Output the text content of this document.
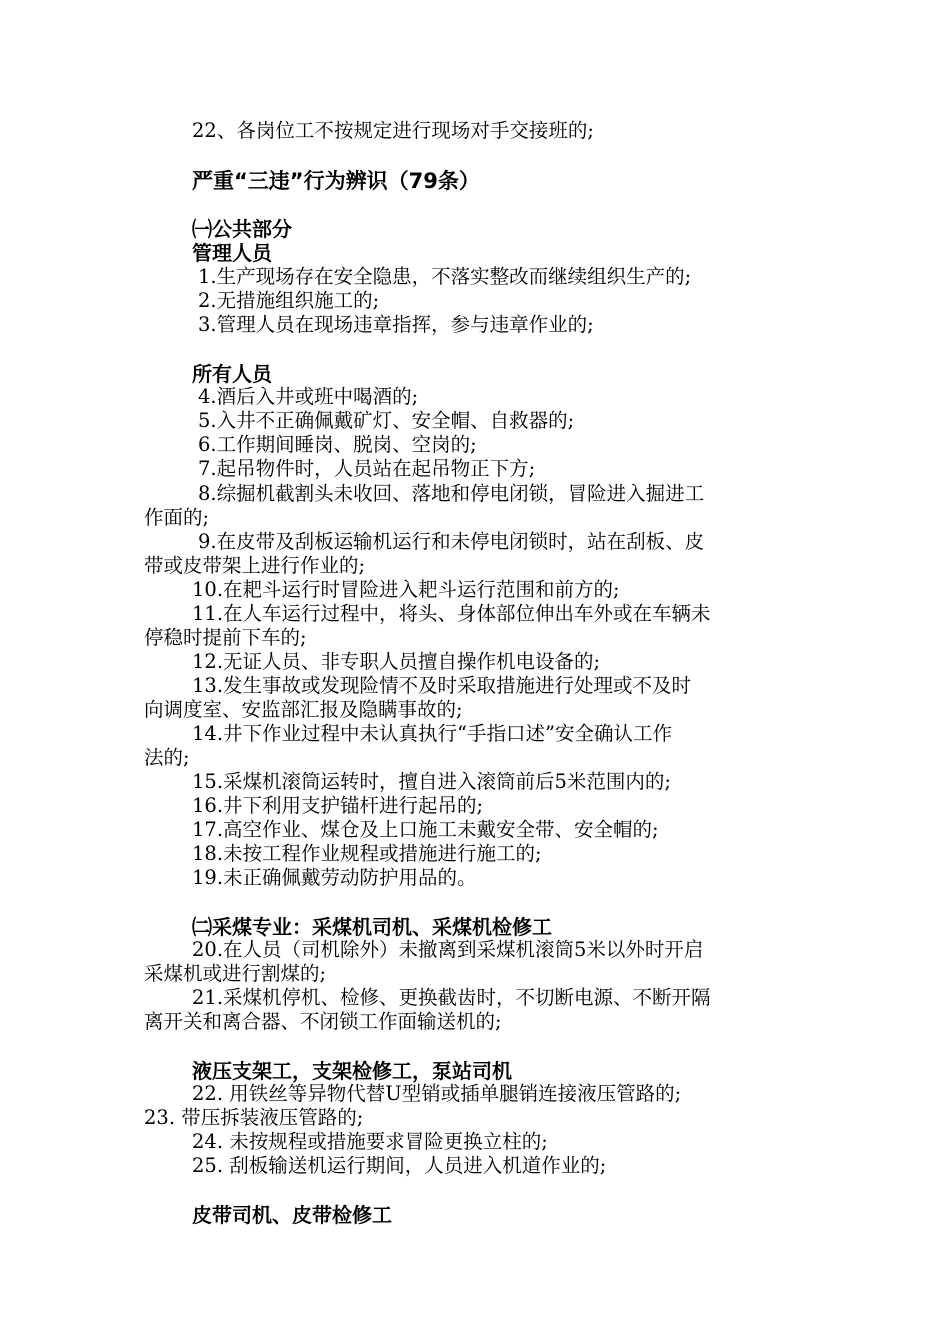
22、各岗位工不按规定进行现场对手交接班的;
严重“三违”行为辨识（79条）
㈠公共部分
管理人员
1.生产现场存在安全隐患，不落实整改而继续组织生产的;
2.无措施组织施工的;
3.管理人员在现场违章指挥，参与违章作业的;
所有人员
4.酒后入井或班中喝酒的;
5.入井不正确佩戴矿灯、安全帽、自救器的;
6.工作期间睡岗、脱岗、空岗的;
7.起吊物件时，人员站在起吊物正下方;
8.综掘机截割头未收回、落地和停电闭锁，冒险进入掘进工
作面的;
9.在皮带及刮板运输机运行和未停电闭锁时，站在刮板、皮
带或皮带架上进行作业的;
10.在耙斗运行时冒险进入耙斗运行范围和前方的;
11.在人车运行过程中，将头、身体部位伸出车外或在车辆未
停稳时提前下车的;
12.无证人员、非专职人员擅自操作机电设备的;
13.发生事故或发现险情不及时采取措施进行处理或不及时
向调度室、安监部汇报及隐瞒事故的;
14.井下作业过程中未认真执行“手指口述”安全确认工作
法的;
15.采煤机滚筒运转时，擅自进入滚筒前后5米范围内的;
16.井下利用支护锚杆进行起吊的;
17.高空作业、煤仓及上口施工未戴安全带、安全帽的;
18.未按工程作业规程或措施进行施工的;
19.未正确佩戴劳动防护用品的。
㈡采煤专业：采煤机司机、采煤机检修工
20.在人员（司机除外）未撤离到采煤机滚筒5米以外时开启
采煤机或进行割煤的;
21.采煤机停机、检修、更换截齿时，不切断电源、不断开隔
离开关和离合器、不闭锁工作面输送机的;
液压支架工，支架检修工，泵站司机
22. 用铁丝等异物代替U型销或插单腿销连接液压管路的;
23. 带压拆装液压管路的;
24. 未按规程或措施要求冒险更换立柱的;
25. 刮板输送机运行期间，人员进入机道作业的;
皮带司机、皮带检修工
